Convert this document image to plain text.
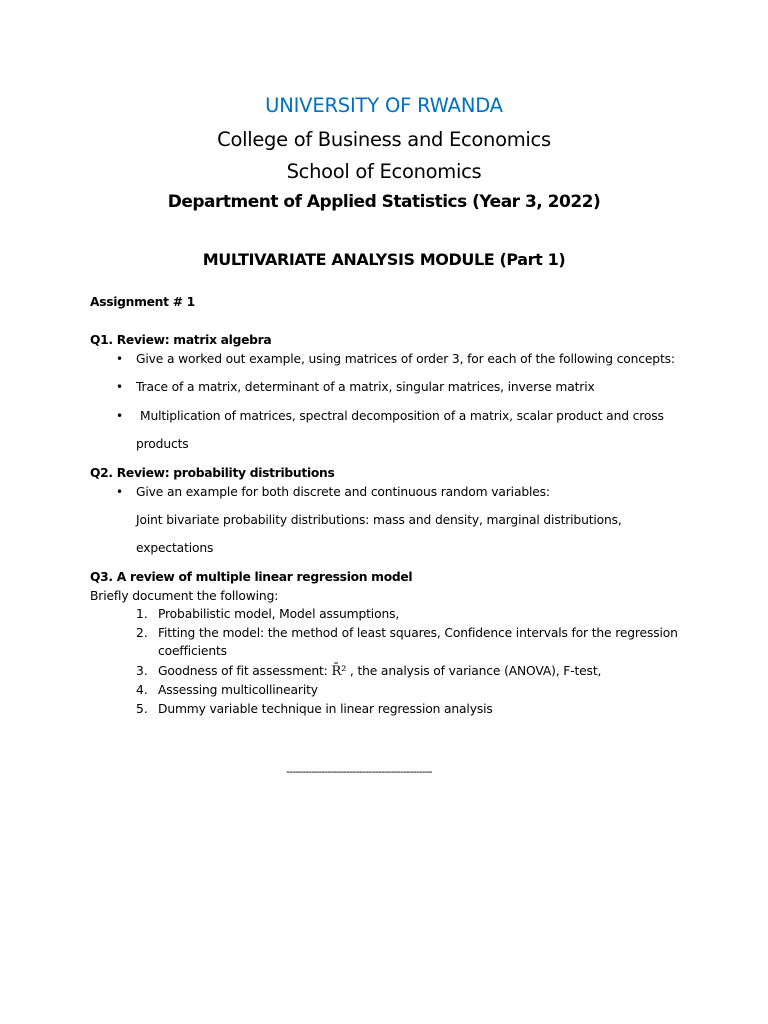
UNIVERSITY OF RWANDA
College of Business and Economics
School of Economics
Department of Applied Statistics (Year 3, 2022)
MULTIVARIATE ANALYSIS MODULE (Part 1)
Assignment # 1
Q1. Review: matrix algebra
• Give a worked out example, using matrices of order 3, for each of the following concepts:
• Trace of a matrix, determinant of a matrix, singular matrices, inverse matrix
• Multiplication of matrices, spectral decomposition of a matrix, scalar product and cross
products
Q2. Review: probability distributions
• Give an example for both discrete and continuous random variables:
Joint bivariate probability distributions: mass and density, marginal distributions,
expectations
Q3. A review of multiple linear regression model
Briefly document the following:
1. Probabilistic model, Model assumptions,
2. Fitting the model: the method of least squares, Confidence intervals for the regression
coefficients
3. Goodness of fit assessment: R̄² , the analysis of variance (ANOVA), F-test,
4. Assessing multicollinearity
5. Dummy variable technique in linear regression analysis
----------------------------------------------
